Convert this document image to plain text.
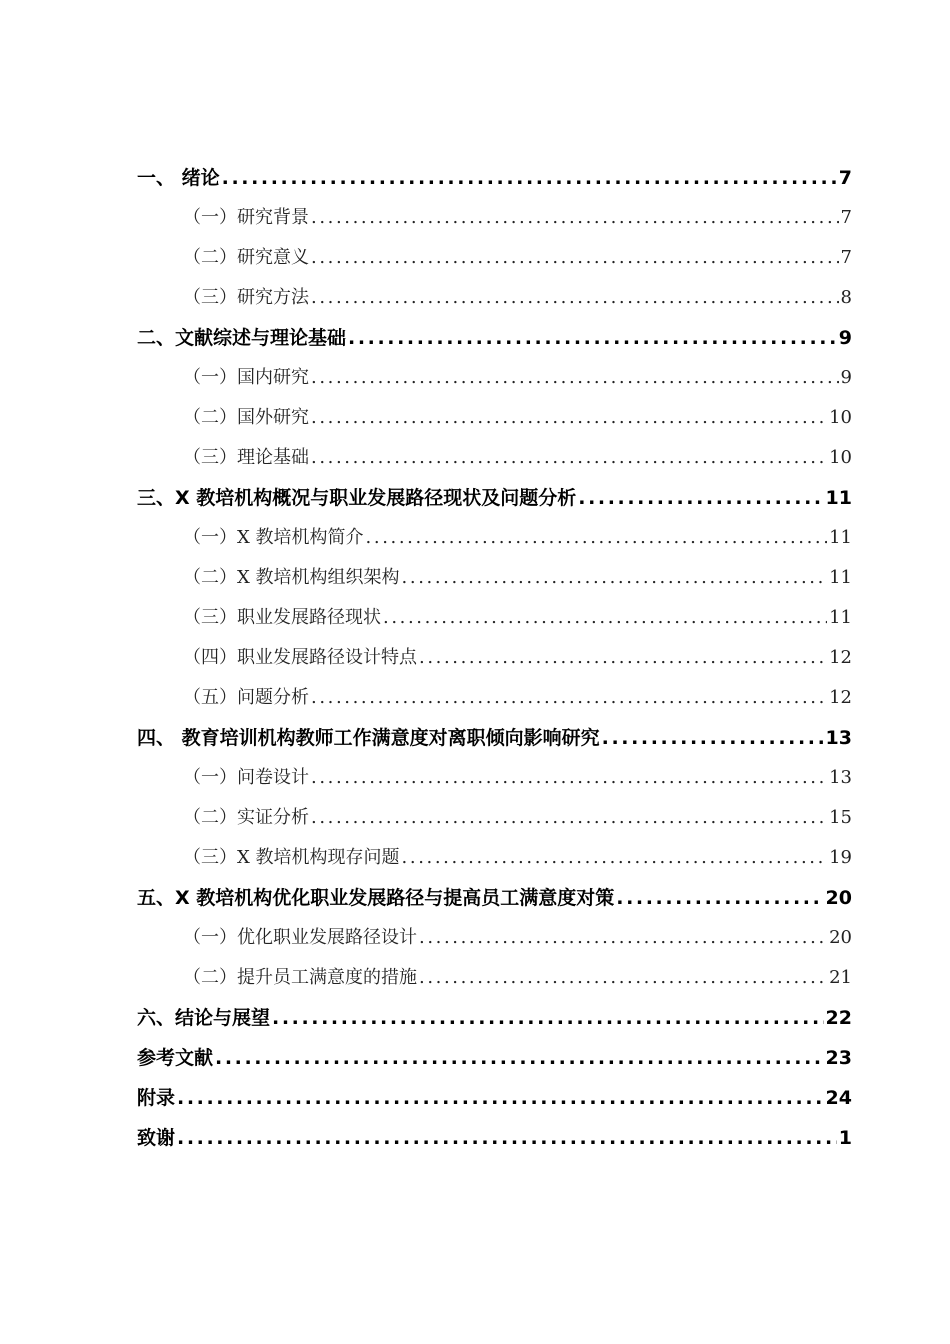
一、 绪论 .....	7
（一）研究背景 .....	7
（二）研究意义 .....	7
（三）研究方法 .....	8
二、文献综述与理论基础 .....	9
（一）国内研究 .....	9
（二）国外研究 .....	10
（三）理论基础 .....	10
三、X 教培机构概况与职业发展路径现状及问题分析 .....	11
（一）X 教培机构简介 .....	11
（二）X 教培机构组织架构 .....	11
（三）职业发展路径现状 .....	11
（四）职业发展路径设计特点 .....	12
（五）问题分析 .....	12
四、 教育培训机构教师工作满意度对离职倾向影响研究 .....	13
（一）问卷设计 .....	13
（二）实证分析 .....	15
（三）X 教培机构现存问题 .....	19
五、X 教培机构优化职业发展路径与提高员工满意度对策 .....	20
（一）优化职业发展路径设计 .....	20
（二）提升员工满意度的措施 .....	21
六、结论与展望 .....	22
参考文献 .....	23
附录 .....	24
致谢 .....	1
